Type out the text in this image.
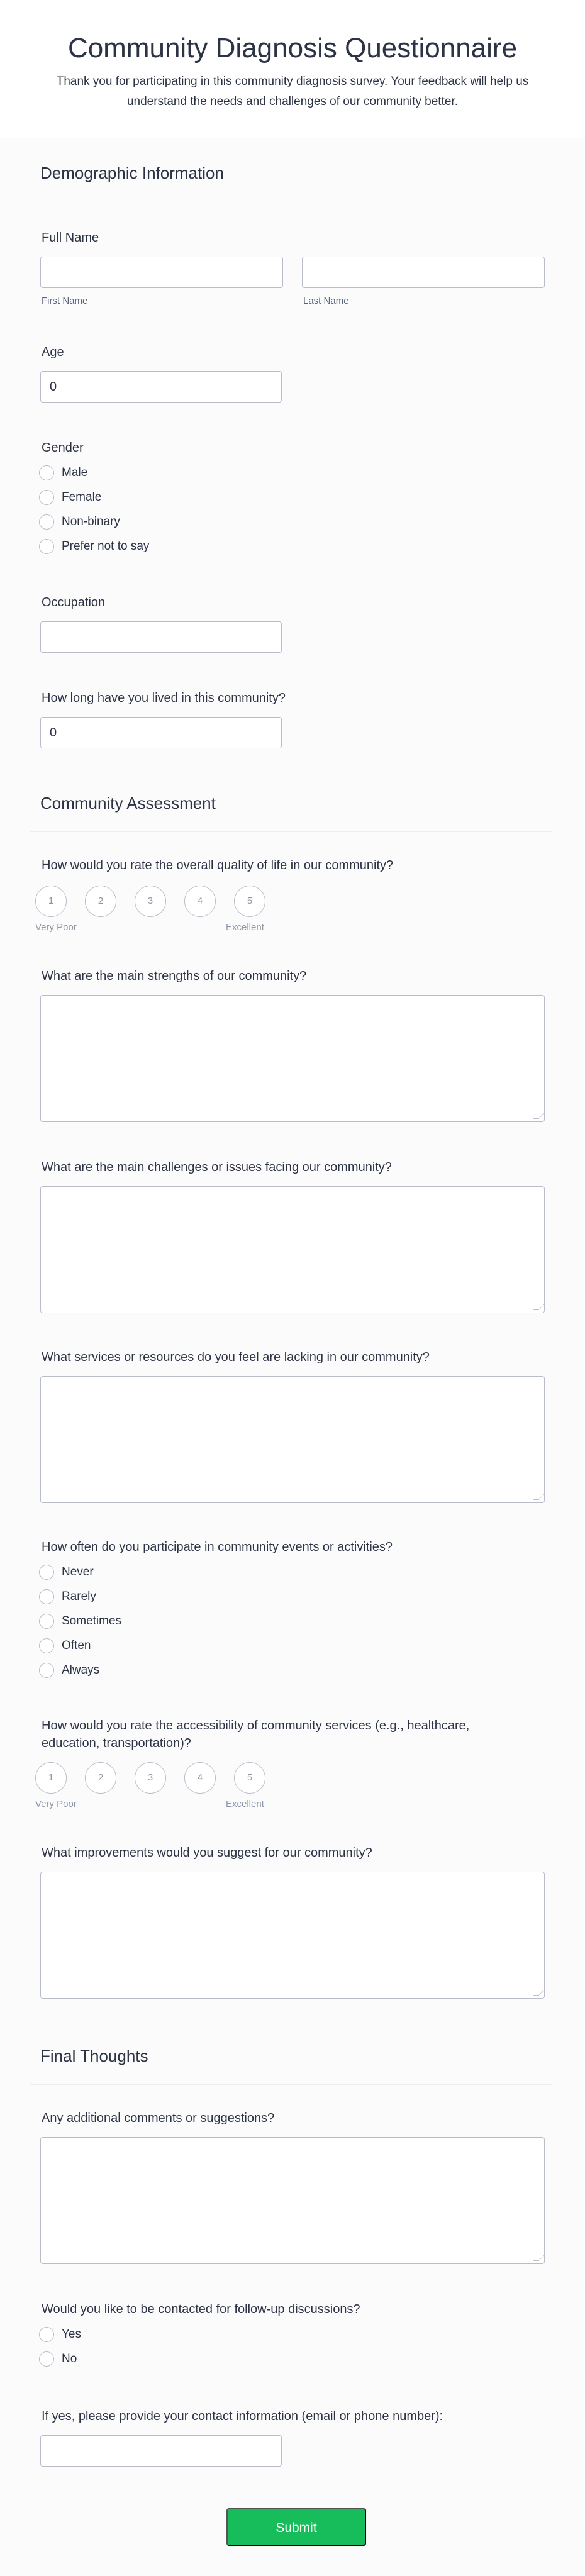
Community Diagnosis Questionnaire

Thank you for participating in this community diagnosis survey. Your feedback will help us understand the needs and challenges of our community better.

Demographic Information
Full Name
First Name	Last Name
Age
0
Gender
Male
Female
Non-binary
Prefer not to say
Occupation
How long have you lived in this community?
0
Community Assessment
How would you rate the overall quality of life in our community?
1	2	3	4	5
Very Poor	Excellent
What are the main strengths of our community?
What are the main challenges or issues facing our community?
What services or resources do you feel are lacking in our community?
How often do you participate in community events or activities?
Never
Rarely
Sometimes
Often
Always
How would you rate the accessibility of community services (e.g., healthcare, education, transportation)?
1	2	3	4	5
Very Poor	Excellent
What improvements would you suggest for our community?
Final Thoughts
Any additional comments or suggestions?
Would you like to be contacted for follow-up discussions?
Yes
No
If yes, please provide your contact information (email or phone number):
Submit
